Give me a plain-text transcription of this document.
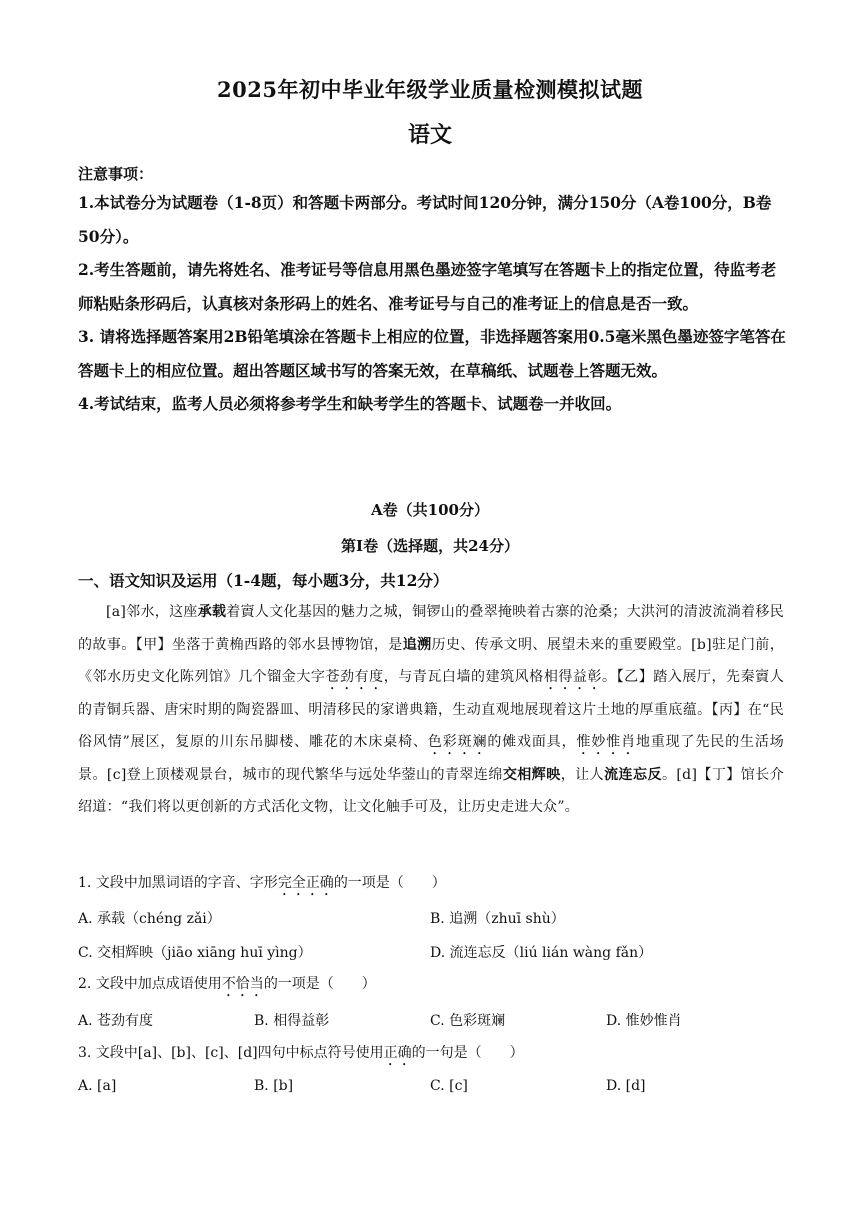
2025年初中毕业年级学业质量检测模拟试题
语文
注意事项：

1.本试卷分为试题卷（1-8页）和答题卡两部分。考试时间120分钟，满分150分（A卷100分，B卷50分）。

2.考生答题前，请先将姓名、准考证号等信息用黑色墨迹签字笔填写在答题卡上的指定位置，待监考老师粘贴条形码后，认真核对条形码上的姓名、准考证号与自己的准考证上的信息是否一致。

3. 请将选择题答案用2B铅笔填涂在答题卡上相应的位置，非选择题答案用0.5毫米黑色墨迹签字笔答在答题卡上的相应位置。超出答题区域书写的答案无效，在草稿纸、试题卷上答题无效。

4.考试结束，监考人员必须将参考学生和缺考学生的答题卡、试题卷一并收回。

A卷（共100分）
第Ⅰ卷（选择题，共24分）
一、语文知识及运用（1-4题，每小题3分，共12分）
[a]邻水，这座承载着賨人文化基因的魅力之城，铜锣山的叠翠掩映着古寨的沧桑；大洪河的清波流淌着移民的故事。【甲】坐落于黄桷西路的邻水县博物馆，是追溯历史、传承文明、展望未来的重要殿堂。[b]驻足门前，《邻水历史文化陈列馆》几个镏金大字苍劲有度，与青瓦白墙的建筑风格相得益彰。【乙】踏入展厅，先秦賨人的青铜兵器、唐宋时期的陶瓷器皿、明清移民的家谱典籍，生动直观地展现着这片土地的厚重底蕴。【丙】在“民俗风情”展区，复原的川东吊脚楼、雕花的木床桌椅、色彩斑斓的傩戏面具，惟妙惟肖地重现了先民的生活场景。[c]登上顶楼观景台，城市的现代繁华与远处华蓥山的青翠连绵交相辉映，让人流连忘反。[d]【丁】馆长介绍道：“我们将以更创新的方式活化文物，让文化触手可及，让历史走进大众”。
1. 文段中加黑词语的字音、字形完全正确的一项是（　　）
A. 承载（chéng zǎi）	B. 追溯（zhuī shù）
C. 交相辉映（jiāo xiāng huī yìng）	D. 流连忘反（liú lián wàng fǎn）
2. 文段中加点成语使用不恰当的一项是（　　）
A. 苍劲有度	B. 相得益彰	C. 色彩斑斓	D. 惟妙惟肖
3. 文段中[a]、[b]、[c]、[d]四句中标点符号使用正确的一句是（　　）
A. [a]	B. [b]	C. [c]	D. [d]
